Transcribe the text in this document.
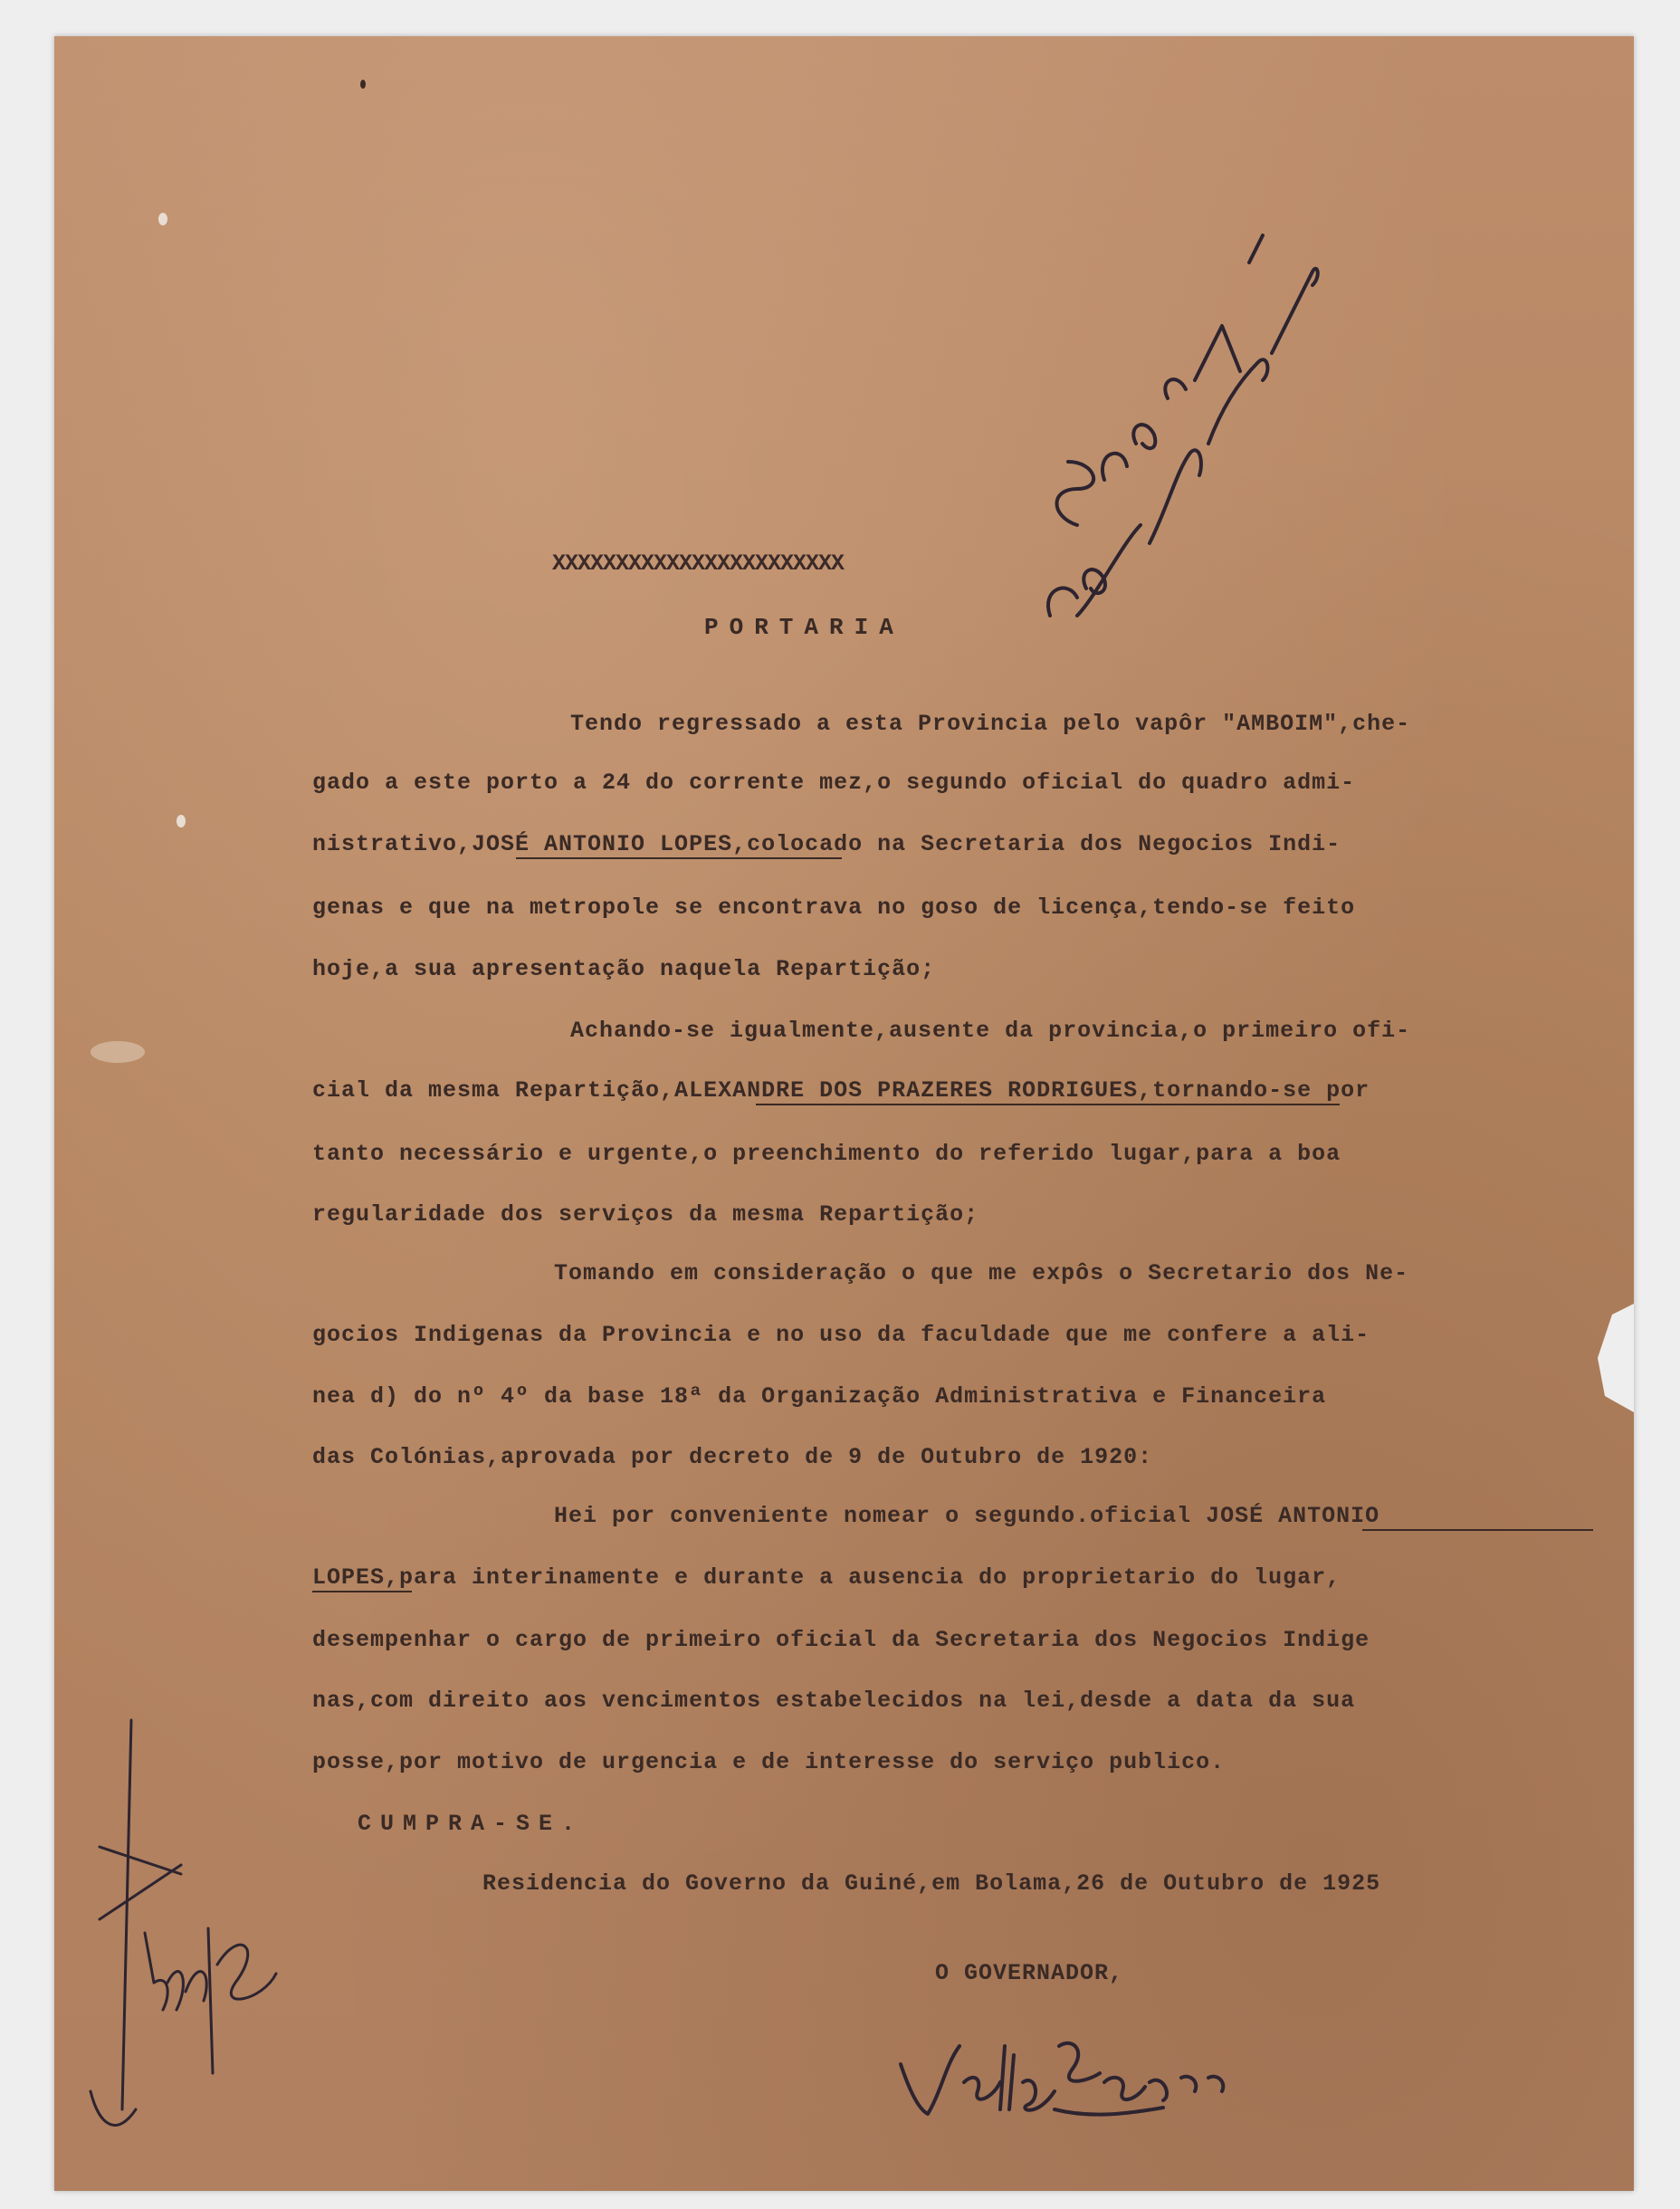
XXXXXXXXXXXXXXXXXXXXXXX
PORTARIA
Tendo regressado a esta Provincia pelo vapôr "AMBOIM",che-
gado a este porto a 24 do corrente mez,o segundo oficial do quadro admi-
nistrativo,JOSÉ ANTONIO LOPES,colocado na Secretaria dos Negocios Indi-
genas e que na metropole se encontrava no goso de licença,tendo-se feito
hoje,a sua apresentação naquela Repartição;
Achando-se igualmente,ausente da provincia,o primeiro ofi-
cial da mesma Repartição,ALEXANDRE DOS PRAZERES RODRIGUES,tornando-se por
tanto necessário e urgente,o preenchimento do referido lugar,para a boa
regularidade dos serviços da mesma Repartição;
Tomando em consideração o que me expôs o Secretario dos Ne-
gocios Indigenas da Provincia e no uso da faculdade que me confere a ali-
nea d) do nº 4º da base 18ª da Organização Administrativa e Financeira
das Colónias,aprovada por decreto de 9 de Outubro de 1920:
Hei por conveniente nomear o segundo.oficial JOSÉ ANTONIO
LOPES,para interinamente e durante a ausencia do proprietario do lugar,
desempenhar o cargo de primeiro oficial da Secretaria dos Negocios Indige
nas,com direito aos vencimentos estabelecidos na lei,desde a data da sua
posse,por motivo de urgencia e de interesse do serviço publico.
CUMPRA-SE.
Residencia do Governo da Guiné,em Bolama,26 de Outubro de 1925
O GOVERNADOR,
